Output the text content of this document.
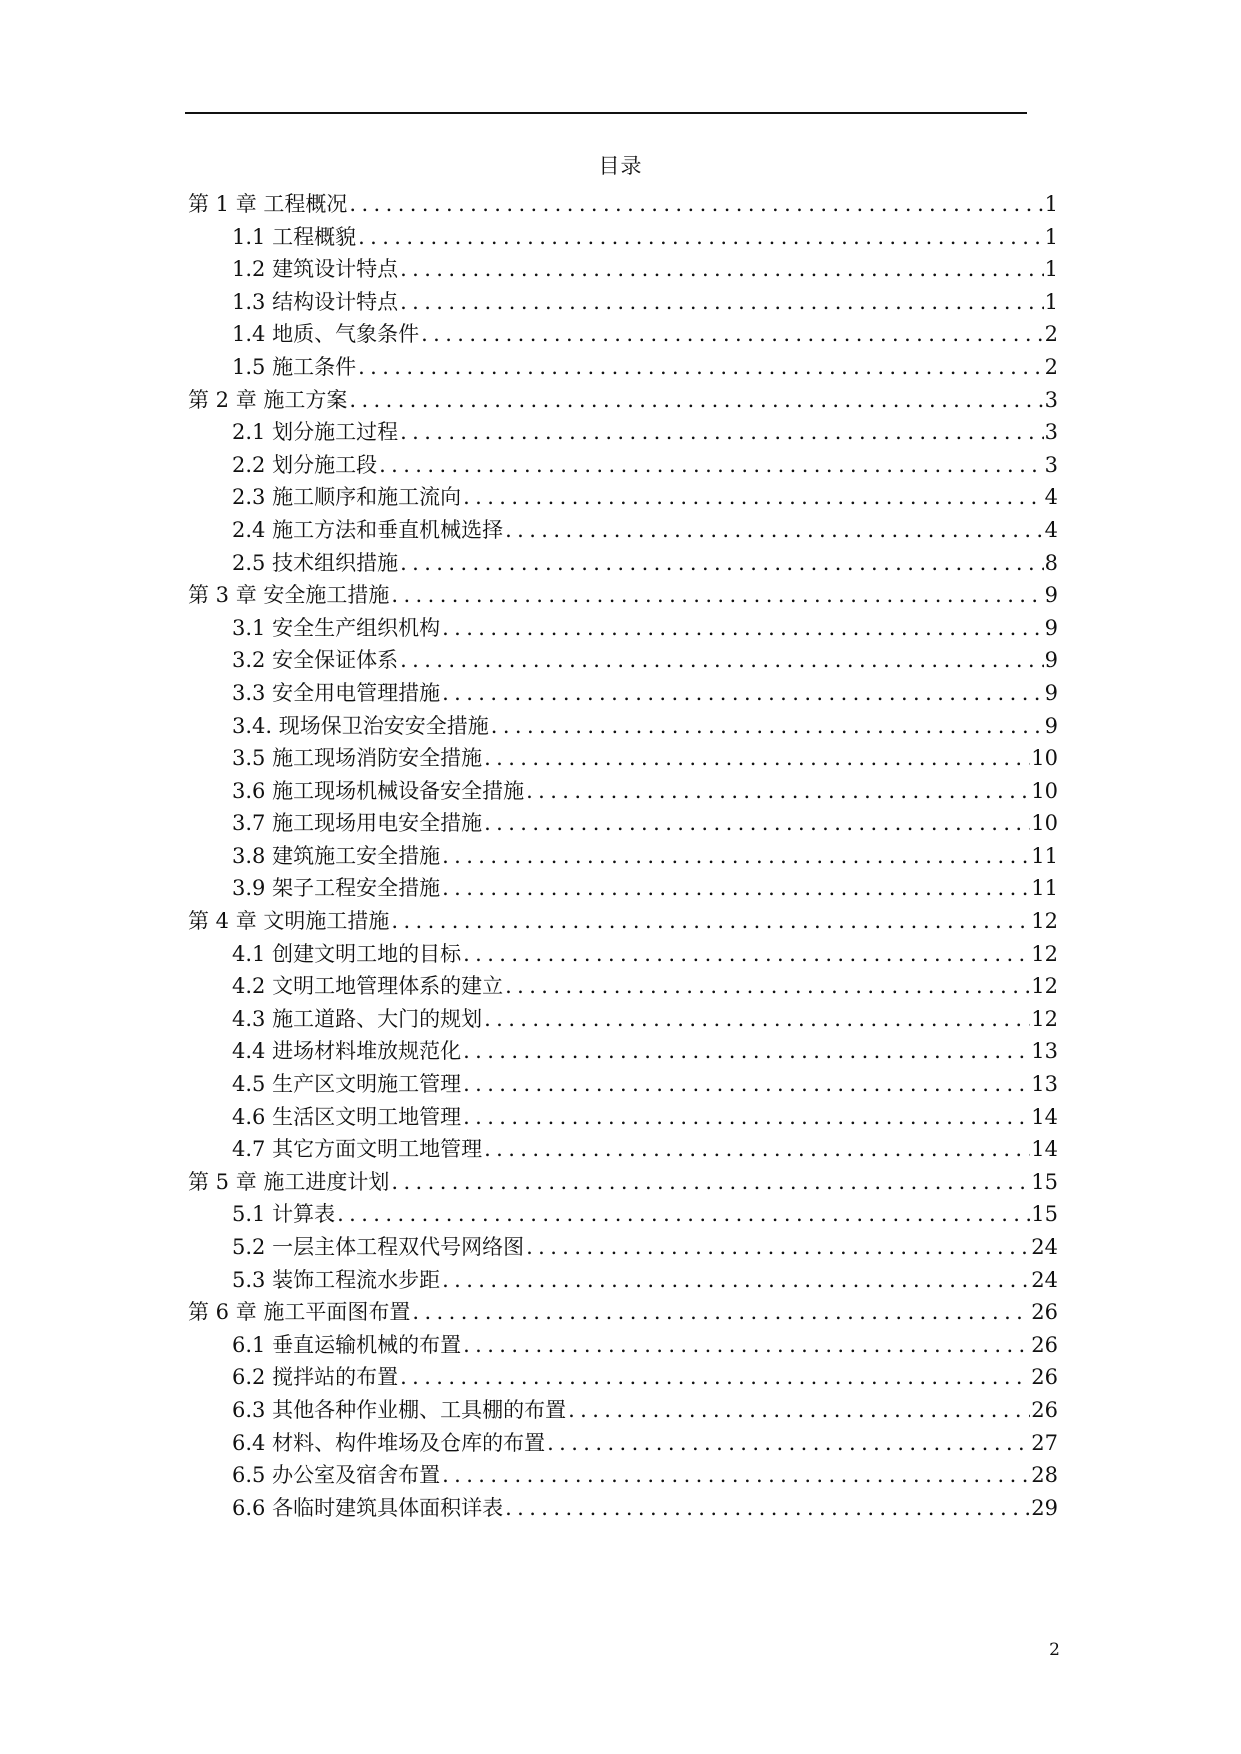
目录
第 1 章 工程概况 .....	1
1.1 工程概貌 .....	1
1.2 建筑设计特点 .....	1
1.3 结构设计特点 .....	1
1.4 地质、气象条件 .....	2
1.5 施工条件 .....	2
第 2 章 施工方案 .....	3
2.1 划分施工过程 .....	3
2.2 划分施工段 .....	3
2.3 施工顺序和施工流向 .....	4
2.4 施工方法和垂直机械选择 .....	4
2.5 技术组织措施 .....	8
第 3 章 安全施工措施 .....	9
3.1 安全生产组织机构 .....	9
3.2 安全保证体系 .....	9
3.3 安全用电管理措施 .....	9
3.4. 现场保卫治安安全措施 .....	9
3.5 施工现场消防安全措施 .....	10
3.6 施工现场机械设备安全措施 .....	10
3.7 施工现场用电安全措施 .....	10
3.8 建筑施工安全措施 .....	11
3.9 架子工程安全措施 .....	11
第 4 章 文明施工措施 .....	12
4.1 创建文明工地的目标 .....	12
4.2 文明工地管理体系的建立 .....	12
4.3 施工道路、大门的规划 .....	12
4.4 进场材料堆放规范化 .....	13
4.5 生产区文明施工管理 .....	13
4.6 生活区文明工地管理 .....	14
4.7 其它方面文明工地管理 .....	14
第 5 章 施工进度计划 .....	15
5.1 计算表 .....	15
5.2 一层主体工程双代号网络图 .....	24
5.3 装饰工程流水步距 .....	24
第 6 章 施工平面图布置 .....	26
6.1 垂直运输机械的布置 .....	26
6.2 搅拌站的布置 .....	26
6.3 其他各种作业棚、工具棚的布置 .....	26
6.4 材料、构件堆场及仓库的布置 .....	27
6.5 办公室及宿舍布置 .....	28
6.6 各临时建筑具体面积详表 .....	29
2
